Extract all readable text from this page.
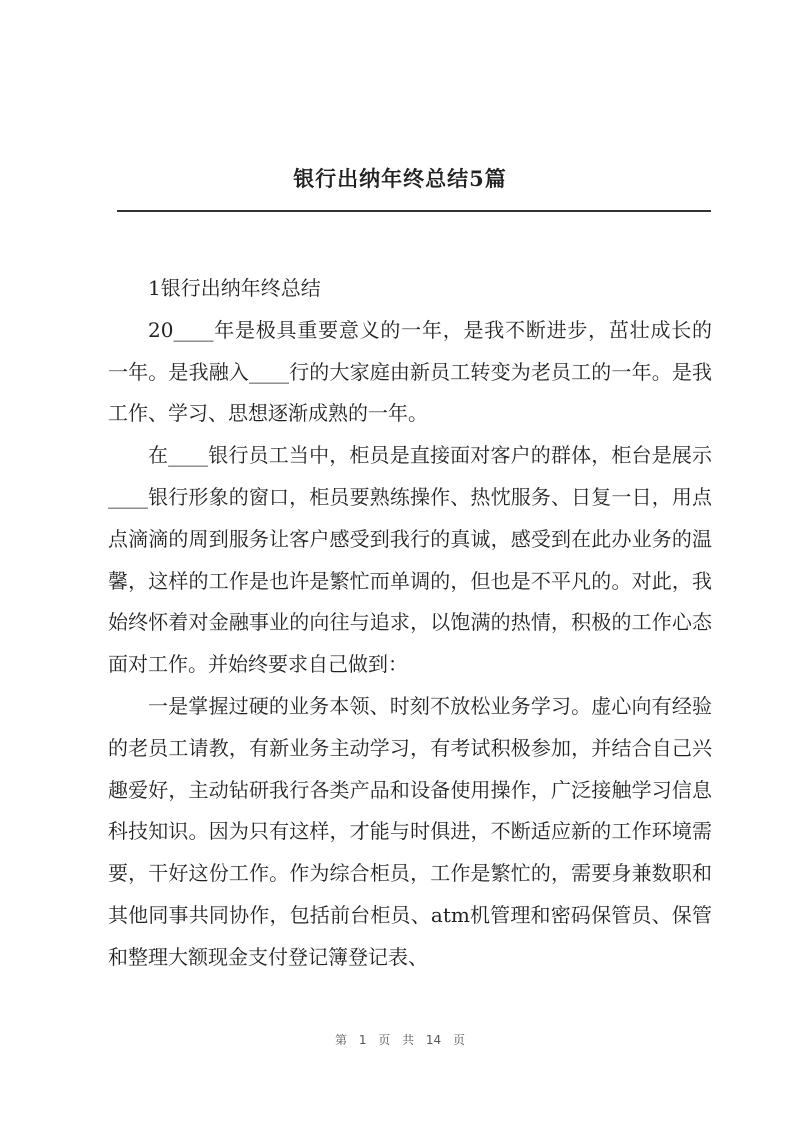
银行出纳年终总结5篇

1银行出纳年终总结

20____年是极具重要意义的一年，是我不断进步，茁壮成长的一年。是我融入____行的大家庭由新员工转变为老员工的一年。是我工作、学习、思想逐渐成熟的一年。

在____银行员工当中，柜员是直接面对客户的群体，柜台是展示____银行形象的窗口，柜员要熟练操作、热忱服务、日复一日，用点点滴滴的周到服务让客户感受到我行的真诚，感受到在此办业务的温馨，这样的工作是也许是繁忙而单调的，但也是不平凡的。对此，我始终怀着对金融事业的向往与追求，以饱满的热情，积极的工作心态面对工作。并始终要求自己做到：

一是掌握过硬的业务本领、时刻不放松业务学习。虚心向有经验的老员工请教，有新业务主动学习，有考试积极参加，并结合自己兴趣爱好，主动钻研我行各类产品和设备使用操作，广泛接触学习信息科技知识。因为只有这样，才能与时俱进，不断适应新的工作环境需要，干好这份工作。作为综合柜员，工作是繁忙的，需要身兼数职和其他同事共同协作，包括前台柜员、atm机管理和密码保管员、保管和整理大额现金支付登记簿登记表、

第 1 页 共 14 页
